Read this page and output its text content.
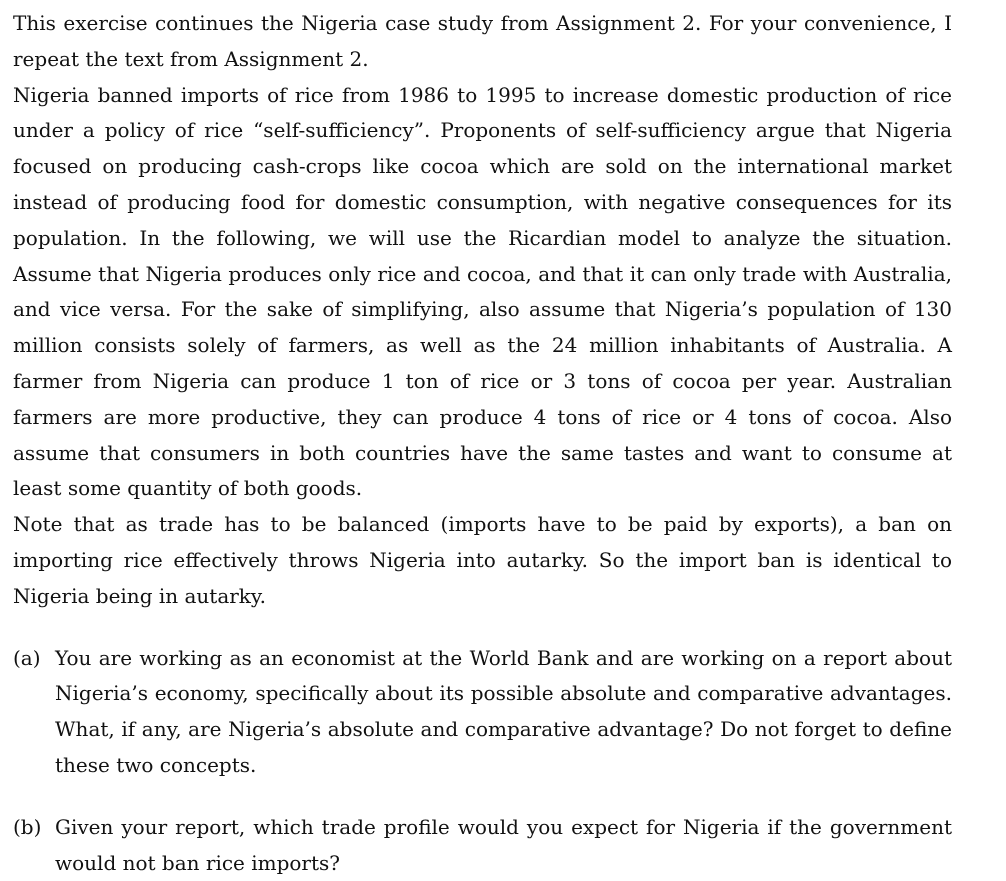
This exercise continues the Nigeria case study from Assignment 2. For your convenience, I repeat the text from Assignment 2.

Nigeria banned imports of rice from 1986 to 1995 to increase domestic production of rice under a policy of rice “self-sufficiency”. Proponents of self-sufficiency argue that Nigeria focused on producing cash-crops like cocoa which are sold on the international market instead of producing food for domestic consumption, with negative consequences for its population. In the following, we will use the Ricardian model to analyze the situation. Assume that Nigeria produces only rice and cocoa, and that it can only trade with Australia, and vice versa. For the sake of simplifying, also assume that Nigeria’s population of 130 million consists solely of farmers, as well as the 24 million inhabitants of Australia. A farmer from Nigeria can produce 1 ton of rice or 3 tons of cocoa per year. Australian farmers are more productive, they can produce 4 tons of rice or 4 tons of cocoa. Also assume that consumers in both countries have the same tastes and want to consume at least some quantity of both goods.

Note that as trade has to be balanced (imports have to be paid by exports), a ban on importing rice effectively throws Nigeria into autarky. So the import ban is identical to Nigeria being in autarky.

(a) You are working as an economist at the World Bank and are working on a report about Nigeria’s economy, specifically about its possible absolute and comparative advantages. What, if any, are Nigeria’s absolute and comparative advantage? Do not forget to define these two concepts.
(b) Given your report, which trade profile would you expect for Nigeria if the government would not ban rice imports?
